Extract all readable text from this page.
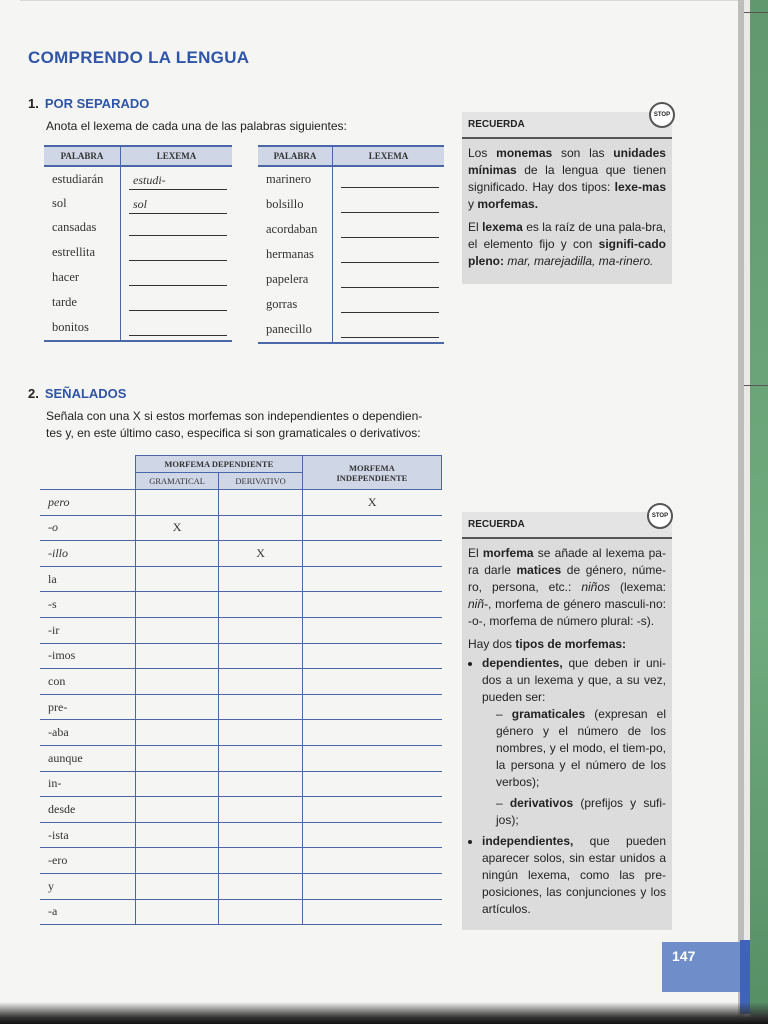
COMPRENDO LA LENGUA
1. POR SEPARADO
Anota el lexema de cada una de las palabras siguientes:
PALABRA	LEXEMA
estudiarán	estudi-
sol	sol
cansadas	
estrellita	
hacer	
tarde	
bonitos	
PALABRA	LEXEMA
marinero	
bolsillo	
acordaban	
hermanas	
papelera	
gorras	
panecillo	
RECUERDA

Los monemas son las unidades mínimas de la lengua que tienen significado. Hay dos tipos: lexe-mas y morfemas.

El lexema es la raíz de una pala-bra, el elemento fijo y con signifi-cado pleno: mar, marejadilla, ma-rinero.

STOP
2. SEÑALADOS
Señala con una X si estos morfemas son independientes o dependien-
tes y, en este último caso, especifica si son gramaticales o derivativos:
	MORFEMA DEPENDIENTE		MORFEMA
INDEPENDIENTE

	GRAMATICAL	DERIVATIVO	
pero			X
-o	X		
-illo		X	
la			
-s			
-ir			
-imos			
con			
pre-			
-aba			
aunque			
in-			
desde			
-ista			
-ero			
y			
-a			
RECUERDA

El morfema se añade al lexema pa-ra darle matices de género, núme-ro, persona, etc.: niños (lexema: niñ-, morfema de género masculi-no: -o-, morfema de número plural: -s).

Hay dos tipos de morfemas:

• dependientes, que deben ir uni-dos a un lexema y que, a su vez, pueden ser:
– gramaticales (expresan el género y el número de los nombres, y el modo, el tiem-po, la persona y el número de los verbos);
– derivativos (prefijos y sufi-jos);
• independientes, que pueden aparecer solos, sin estar unidos a ningún lexema, como las pre-posiciones, las conjunciones y los artículos.
STOP
147
